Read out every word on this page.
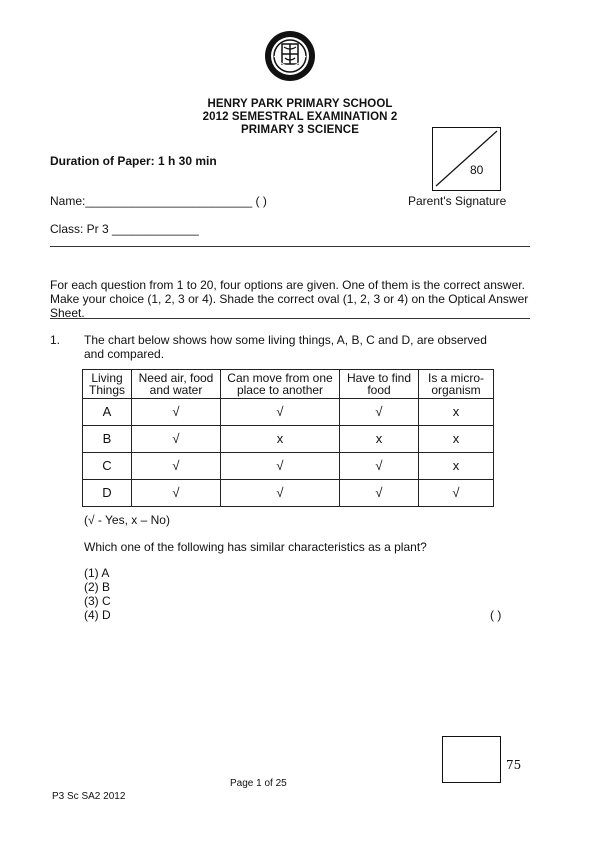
HENRY PARK PRIMARY SCHOOL
2012 SEMESTRAL EXAMINATION 2
PRIMARY 3 SCIENCE
80
Parent's Signature
Duration of Paper: 1 h 30 min
Name:_________________________ ( )
Class: Pr 3 _____________
For each question from 1 to 20, four options are given. One of them is the correct answer. Make your choice (1, 2, 3 or 4). Shade the correct oval (1, 2, 3 or 4) on the Optical Answer Sheet.
1. The chart below shows how some living things, A, B, C and D, are observed and compared.
Living Things	Need air, food and water	Can move from one place to another	Have to find food	Is a micro-organism
A	√	√	√	x
B	√	x	x	x
C	√	√	√	x
D	√	√	√	√
(√ - Yes, x – No)
Which one of the following has similar characteristics as a plant?
(1) A
(2) B
(3) C
(4) D	( )
75
Page 1 of 25
P3 Sc SA2 2012
